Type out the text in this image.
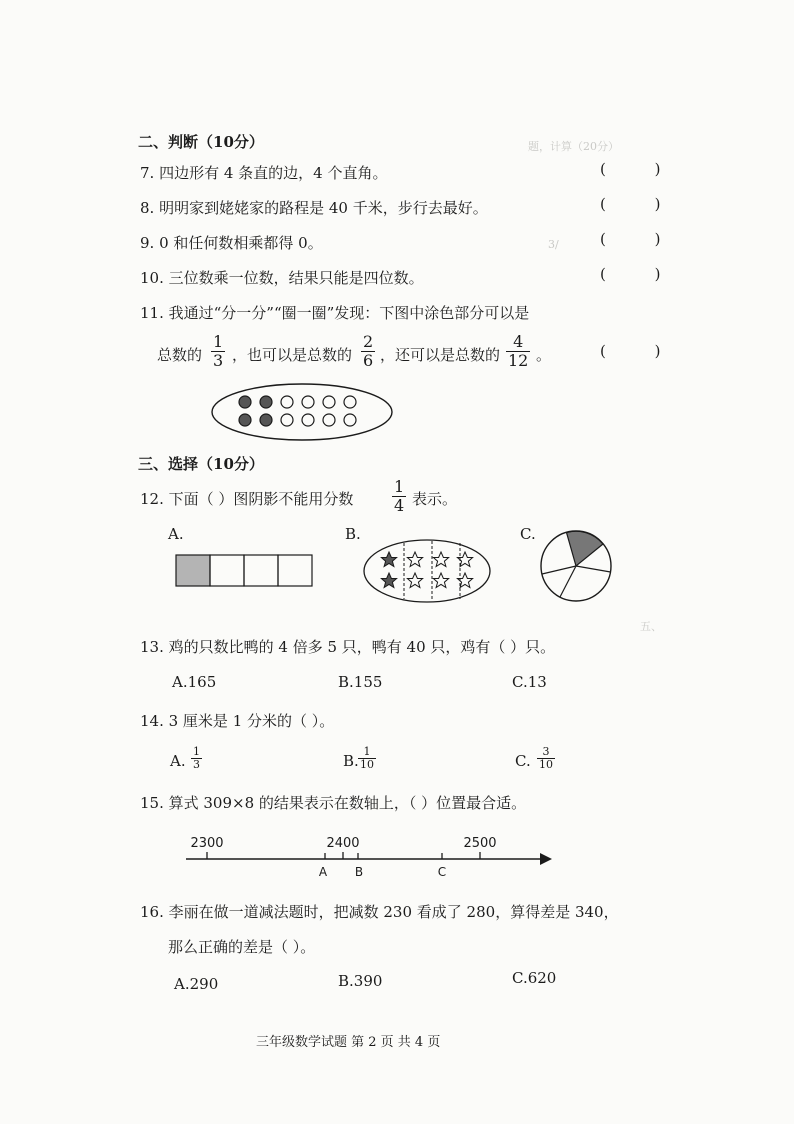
题，计算（20分）
3/
五、
二、判断（10分）
7. 四边形有 4 条直的边，4 个直角。	( )
8. 明明家到姥姥家的路程是 40 千米，步行去最好。	( )
9. 0 和任何数相乘都得 0。	( )
10. 三位数乘一位数，结果只能是四位数。	( )
11. 我通过“分一分”“圈一圈”发现：下图中涂色部分可以是
总数的
1
3 ，也可以是总数的
2
6 ，还可以是总数的
4
12 。	( )
三、选择（10分）
12. 下面（ ）图阴影不能用分数
1
4 表示。
A.	B.	C.
13. 鸡的只数比鸭的 4 倍多 5 只，鸭有 40 只，鸡有（ ）只。
A.165	B.155	C.13
14. 3 厘米是 1 分米的（ ）。
A.
1
3	B.
1
10	C.
3
10
15. 算式 309×8 的结果表示在数轴上，（ ）位置最合适。
2300	2400	2500
A B	C
16. 李丽在做一道减法题时，把减数 230 看成了 280，算得差是 340，
那么正确的差是（ ）。
A.290	B.390	C.620
三年级数学试题 第 2 页 共 4 页
